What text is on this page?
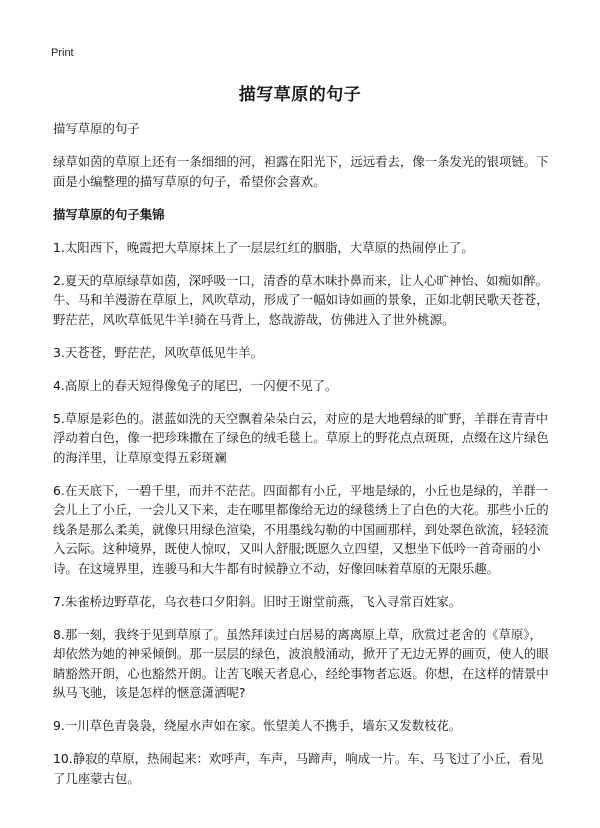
Print
描写草原的句子

描写草原的句子

绿草如茵的草原上还有一条细细的河，袒露在阳光下，远远看去，像一条发光的银项链。下面是小编整理的描写草原的句子，希望你会喜欢。

描写草原的句子集锦

1.太阳西下，晚霞把大草原抹上了一层层红红的胭脂，大草原的热闹停止了。

2.夏天的草原绿草如茵，深呼吸一口，清香的草木味扑鼻而来，让人心旷神怡、如痴如醉。牛、马和羊漫游在草原上，风吹草动，形成了一幅如诗如画的景象，正如北朝民歌天苍苍，野茫茫，风吹草低见牛羊!骑在马背上，悠哉游哉，仿佛进入了世外桃源。

3.天苍苍，野茫茫，风吹草低见牛羊。

4.高原上的春天短得像兔子的尾巴，一闪便不见了。

5.草原是彩色的。湛蓝如洗的天空飘着朵朵白云，对应的是大地碧绿的旷野，羊群在青青中浮动着白色，像一把珍珠撒在了绿色的绒毛毯上。草原上的野花点点斑斑，点缀在这片绿色的海洋里，让草原变得五彩斑斓

6.在天底下，一碧千里，而并不茫茫。四面都有小丘，平地是绿的，小丘也是绿的，羊群一会儿上了小丘，一会儿又下来，走在哪里都像给无边的绿毯绣上了白色的大花。那些小丘的线条是那么柔美，就像只用绿色渲染，不用墨线勾勒的中国画那样，到处翠色欲流，轻轻流入云际。这种境界，既使人惊叹，又叫人舒服;既愿久立四望，又想坐下低吟一首奇丽的小诗。在这境界里，连骏马和大牛都有时候静立不动，好像回味着草原的无限乐趣。

7.朱雀桥边野草花，乌衣巷口夕阳斜。旧时王谢堂前燕，飞入寻常百姓家。

8.那一刻，我终于见到草原了。虽然拜读过白居易的离离原上草，欣赏过老舍的《草原》，却依然为她的神采倾倒。那一层层的绿色，波浪般涌动，掀开了无边无界的画页，使人的眼睛豁然开朗，心也豁然开朗。让苦飞喉天者息心，经纶事物者忘返。你想，在这样的情景中纵马飞驰，该是怎样的惬意潇洒呢?

9.一川草色青袅袅，绕屋水声如在家。怅望美人不携手，墙东又发数枝花。

10.静寂的草原，热闹起来：欢呼声，车声，马蹄声，响成一片。车、马飞过了小丘，看见了几座蒙古包。
